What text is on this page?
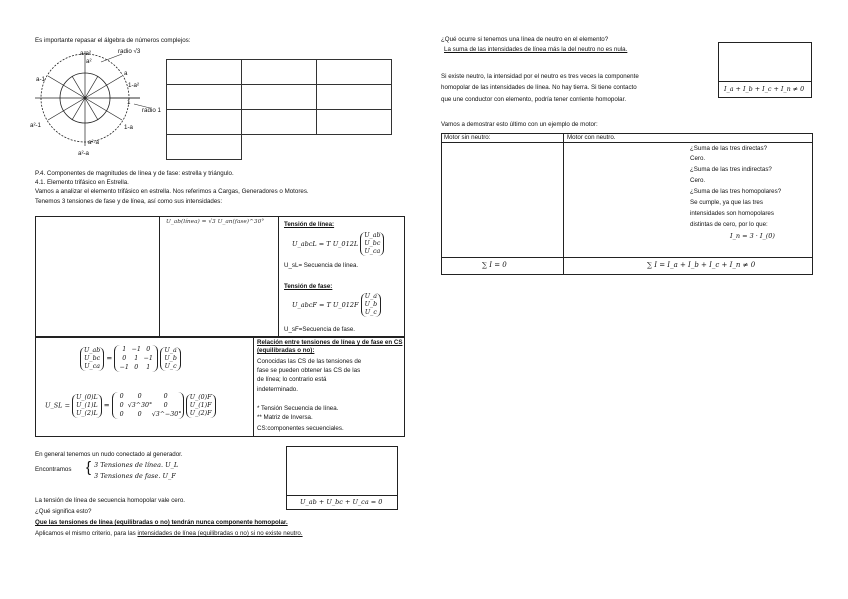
Es importante repasar el álgebra de números complejos:
radio √3
radio 1
a²
a
a-1
a²-1	1-a
1-a²
a²-a
a-a²
1
a²·a

P.4. Componentes de magnitudes de línea y de fase: estrella y triángulo.
4.1. Elemento trifásico en Estrella.
Vamos a analizar el elemento trifásico en estrella. Nos referimos a Cargas, Generadores o Motores.
Tenemos 3 tensiones de fase y de línea, así como sus intensidades:
U_ab(línea) = √3 U_an(fase)^30°	Tensión de línea:
U_abcL = T U_012L
U_ab
U_bc
U_ca
U_sL= Secuencia de línea.
Tensión de fase:
U_abcF = T U_012F
U_a
U_b
U_c
U_sF=Secuencia de fase.
U_ab
U_bc
U_ca
=
1 −1 0
0 1 −1
−1 0 1

U_a
U_b
U_c
U_SL =
U_(0)L
U_(1)L
U_(2)L
=
0 0	0
0 √3^30° 0
0 0 √3^−30°

U_(0)F
U_(1)F
U_(2)F
Relación entre tensiones de línea y de fase en CS (equilibradas o no):
Conocidas las CS de las tensiones de
fase se pueden obtener las CS de las
de línea; lo contrario está
indeterminado.
* Tensión Secuencia de línea.
** Matriz de Inversa.
CS:componentes secuenciales.
En general tenemos un nudo conectado al generador.
Encontramos { 3 Tensiones de línea. U_L
3 Tensiones de fase. U_F
La tensión de línea de secuencia homopolar vale cero.
¿Qué significa esto?
Que las tensiones de línea (equilibradas o no) tendrán nunca componente homopolar.
Aplicamos el mismo criterio, para las intensidades de línea (equilibradas o no) si no existe neutro.
U_ab + U_bc + U_ca = 0
¿Qué ocurre si tenemos una línea de neutro en el elemento?
La suma de las intensidades de línea más la del neutro no es nula.
Si existe neutro, la intensidad por el neutro es tres veces la componente
homopolar de las intensidades de línea. No hay tierra. Si tiene contacto
que une conductor con elemento, podría tener corriente homopolar.
I_a + I_b + I_c + I_n ≠ 0
Vamos a demostrar esto último con un ejemplo de motor:
Motor sin neutro:	Motor con neutro.
¿Suma de las tres directas?
Cero.
¿Suma de las tres indirectas?
Cero.
¿Suma de las tres homopolares?
Se cumple, ya que las tres
intensidades son homopolares
distintas de cero, por lo que:
I_n = 3 · I_(0)
∑ I = 0	∑ I = I_a + I_b + I_c + I_n ≠ 0
